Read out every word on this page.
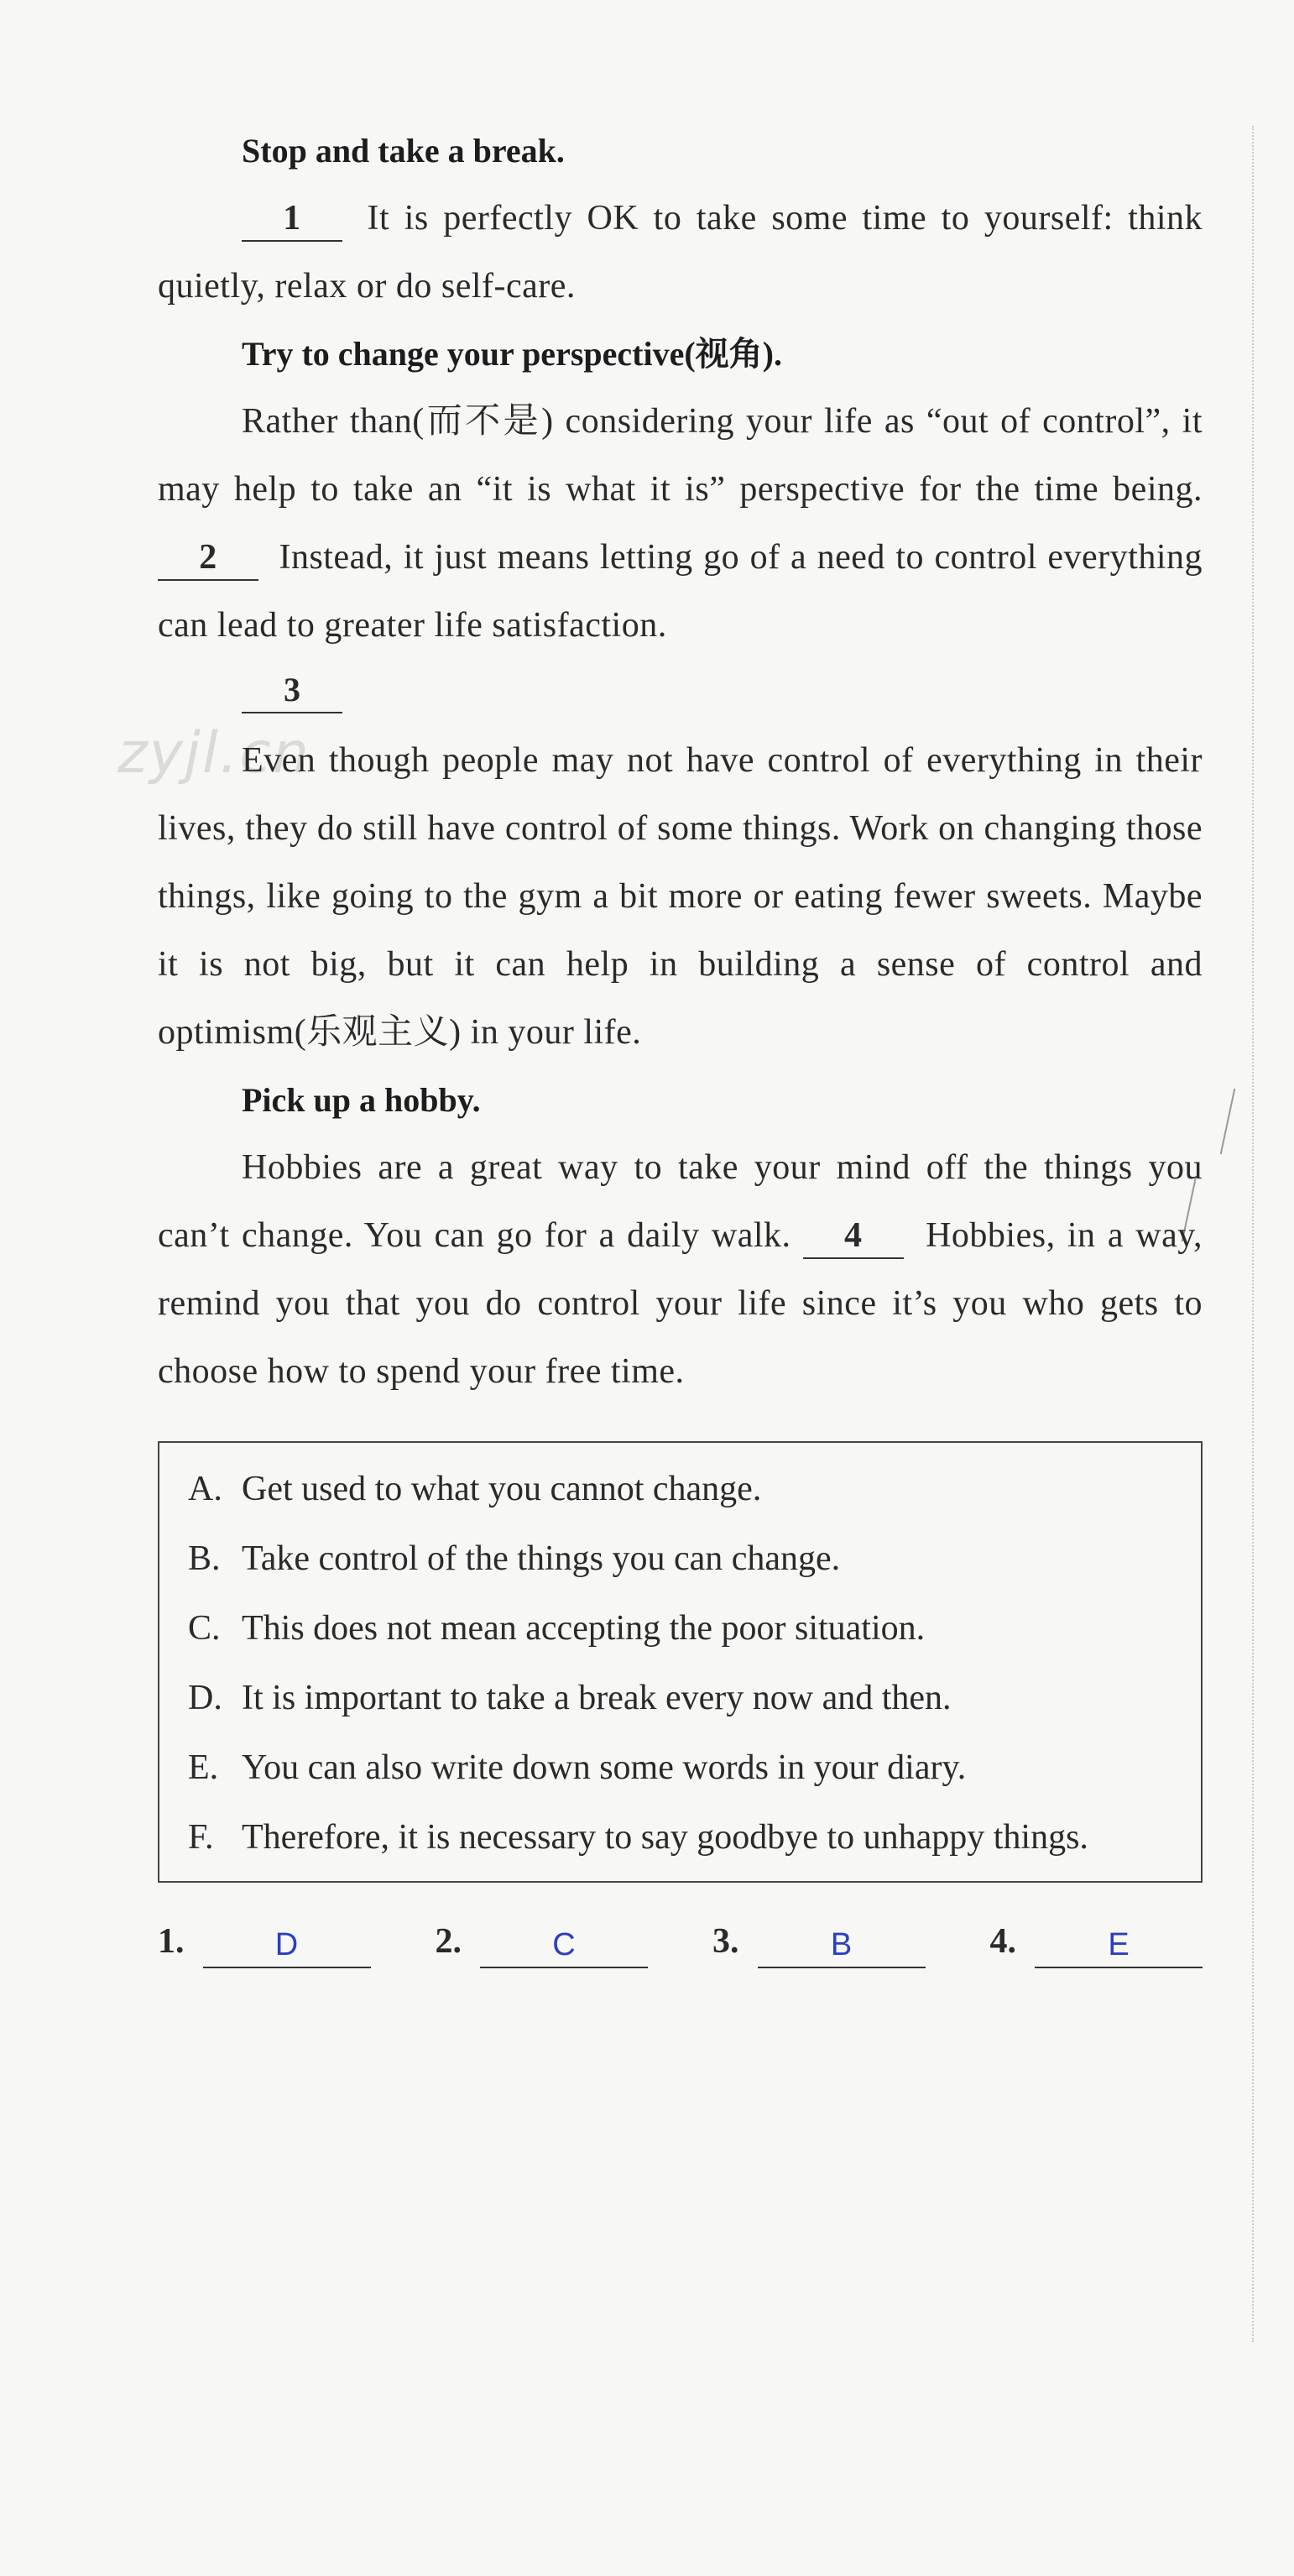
zyjl.cn
Stop and take a break.

1 It is perfectly OK to take some time to yourself: think quietly, relax or do self-care.

Try to change your perspective(视角).

Rather than(而不是) considering your life as “out of control”, it may help to take an “it is what it is” perspective for the time being. 2 Instead, it just means letting go of a need to control everything can lead to greater life satisfaction.

3

Even though people may not have control of everything in their lives, they do still have control of some things. Work on changing those things, like going to the gym a bit more or eating fewer sweets. Maybe it is not big, but it can help in building a sense of control and optimism(乐观主义) in your life.

Pick up a hobby.

Hobbies are a great way to take your mind off the things you can’t change. You can go for a daily walk. 4 Hobbies, in a way, remind you that you do control your life since it’s you who gets to choose how to spend your free time.

A. Get used to what you cannot change.
B. Take control of the things you can change.
C. This does not mean accepting the poor situation.
D. It is important to take a break every now and then.
E. You can also write down some words in your diary.
F. Therefore, it is necessary to say goodbye to unhappy things.
1.	D	2.	C	3.	B	4.	E
